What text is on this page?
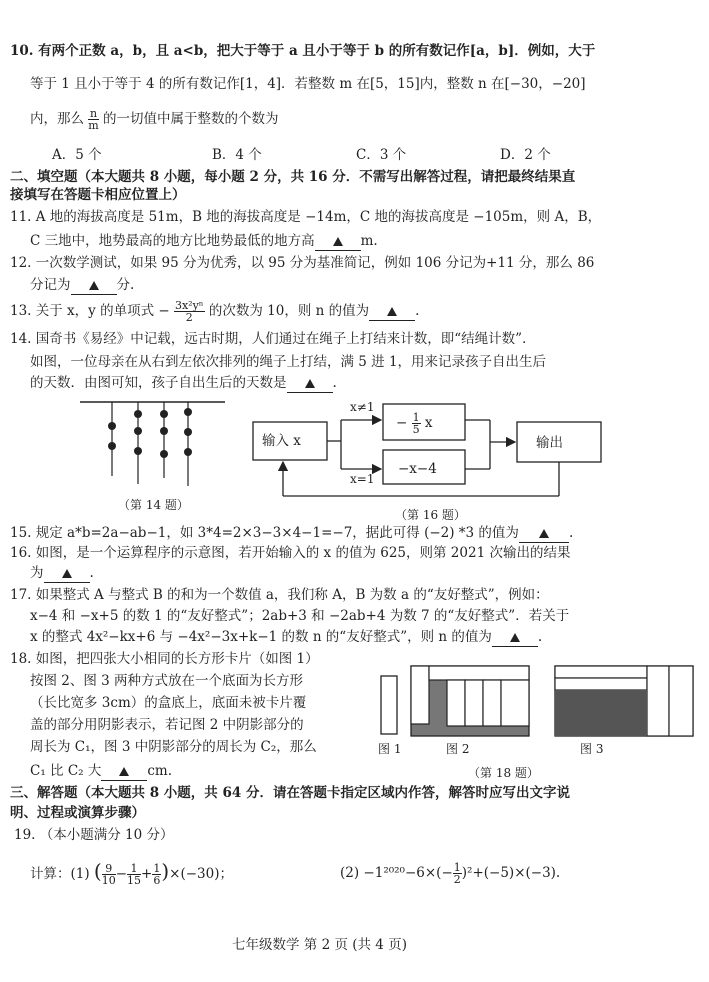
10. 有两个正数 a，b，且 a<b，把大于等于 a 且小于等于 b 的所有数记作[a，b]．例如，大于
等于 1 且小于等于 4 的所有数记作[1，4]．若整数 m 在[5，15]内，整数 n 在[−30，−20]
内，那么 $\frac{n}{m}$ 的一切值中属于整数的个数为
A．5 个	B．4 个	C．3 个	D．2 个
二、填空题（本大题共 8 小题，每小题 2 分，共 16 分．不需写出解答过程，请把最终结果直
接填写在答题卡相应位置上）
11. A 地的海拔高度是 51m，B 地的海拔高度是 −14m，C 地的海拔高度是 −105m，则 A，B，
C 三地中，地势最高的地方比地势最低的地方高	m.
12. 一次数学测试，如果 95 分为优秀，以 95 分为基准简记，例如 106 分记为+11 分，那么 86
分记为	分.
13. 关于 x，y 的单项式 − $\frac{\text{3x²yⁿ}}{2}$ 的次数为 10，则 n 的值为	.
14. 国奇书《易经》中记载，远古时期，人们通过在绳子上打结来计数，即“结绳计数”．
如图，一位母亲在从右到左依次排列的绳子上打结，满 5 进 1，用来记录孩子自出生后
的天数．由图可知，孩子自出生后的天数是	.
（第 14 题）
输入 x	输出
x≠1
x=1
− $\frac{1}{5}$ x
−x−4
（第 16 题）
15. 规定 a*b=2a−ab−1，如 3*4=2×3−3×4−1=−7，据此可得 (−2) *3 的值为	.
16. 如图，是一个运算程序的示意图，若开始输入的 x 的值为 625，则第 2021 次输出的结果
为	.
17. 如果整式 A 与整式 B 的和为一个数值 a，我们称 A，B 为数 a 的“友好整式”，例如：
x−4 和 −x+5 的数 1 的“友好整式”；2ab+3 和 −2ab+4 为数 7 的“友好整式”．若关于
x 的整式 4x²−kx+6 与 −4x²−3x+k−1 的数 n 的“友好整式”，则 n 的值为	.
18. 如图，把四张大小相同的长方形卡片（如图 1）
按图 2、图 3 两种方式放在一个底面为长方形
（长比宽多 3cm）的盒底上，底面未被卡片覆
盖的部分用阴影表示，若记图 2 中阴影部分的
周长为 C₁，图 3 中阴影部分的周长为 C₂，那么
C₁ 比 C₂ 大	cm.
图 1	图 2	图 3
（第 18 题）
三、解答题（本大题共 8 小题，共 64 分．请在答题卡指定区域内作答，解答时应写出文字说
明、过程或演算步骤）
19. （本小题满分 10 分）
计算：(1) ( $\frac{9}{10} - \frac{1}{15} + \frac{1}{6} )\times(-30)$；	$(2) -1^{2020}-6\times(- \frac{1}{2} )^2+(-5)\times(-3)$.
七年级数学 第 2 页 (共 4 页)
